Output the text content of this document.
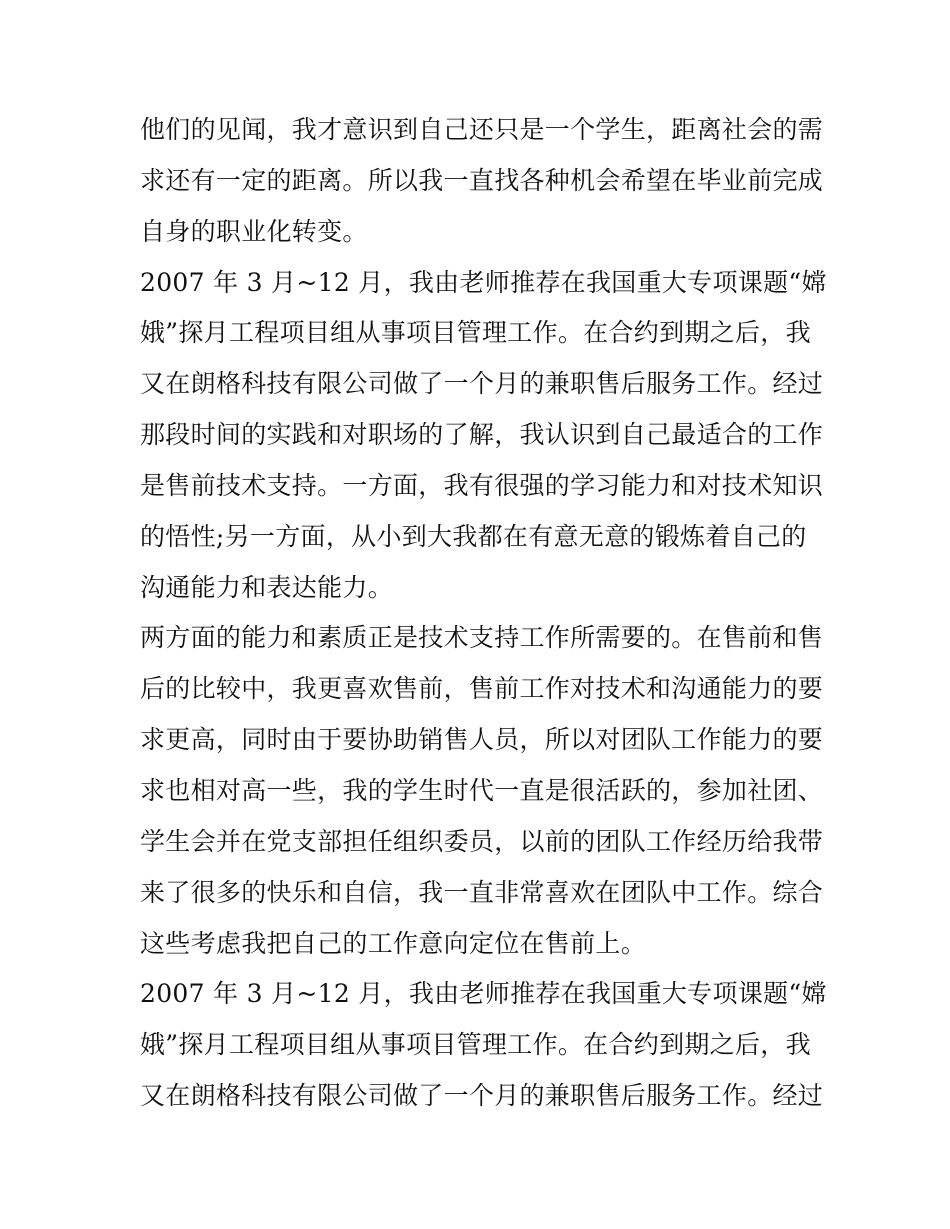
他们的见闻，我才意识到自己还只是一个学生，距离社会的需
求还有一定的距离。所以我一直找各种机会希望在毕业前完成
自身的职业化转变。
2007 年 3 月~12 月，我由老师推荐在我国重大专项课题“嫦
娥”探月工程项目组从事项目管理工作。在合约到期之后，我
又在朗格科技有限公司做了一个月的兼职售后服务工作。经过
那段时间的实践和对职场的了解，我认识到自己最适合的工作
是售前技术支持。一方面，我有很强的学习能力和对技术知识
的悟性;另一方面，从小到大我都在有意无意的锻炼着自己的
沟通能力和表达能力。
两方面的能力和素质正是技术支持工作所需要的。在售前和售
后的比较中，我更喜欢售前，售前工作对技术和沟通能力的要
求更高，同时由于要协助销售人员，所以对团队工作能力的要
求也相对高一些，我的学生时代一直是很活跃的，参加社团、
学生会并在党支部担任组织委员，以前的团队工作经历给我带
来了很多的快乐和自信，我一直非常喜欢在团队中工作。综合
这些考虑我把自己的工作意向定位在售前上。
2007 年 3 月~12 月，我由老师推荐在我国重大专项课题“嫦
娥”探月工程项目组从事项目管理工作。在合约到期之后，我
又在朗格科技有限公司做了一个月的兼职售后服务工作。经过
